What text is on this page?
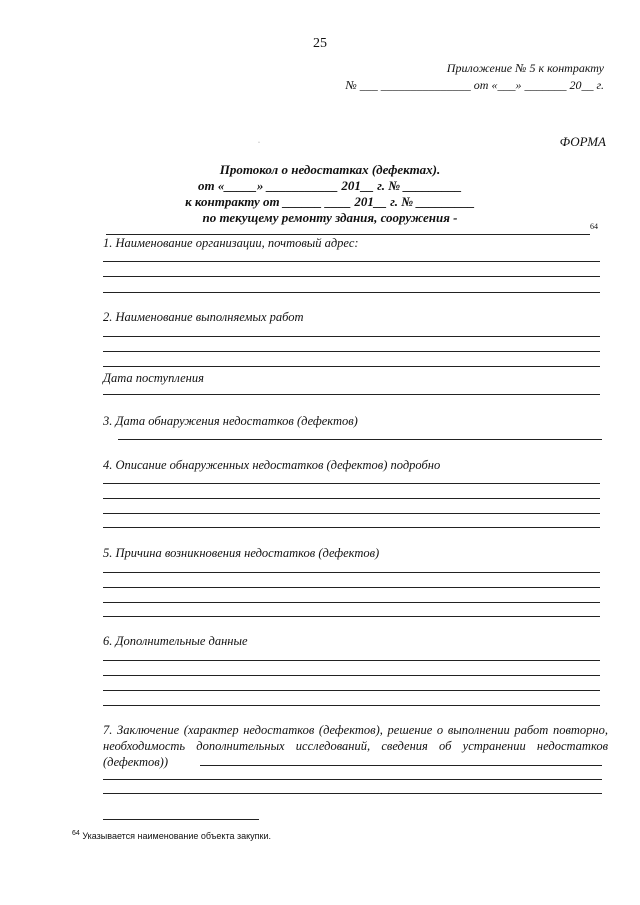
25
Приложение № 5 к контракту
№ ___ _______________ от «___» _______ 20__ г.
·	ФОРМА
Протокол о недостатках (дефектах).
от «_____» ___________ 201__ г. № _________
к контракту от ______ ____ 201__ г. № _________
по текущему ремонту здания, сооружения -
64
1. Наименование организации, почтовый адрес:
2. Наименование выполняемых работ
Дата поступления
3. Дата обнаружения недостатков (дефектов)
4. Описание обнаруженных недостатков (дефектов) подробно
5. Причина возникновения недостатков (дефектов)
6. Дополнительные данные
7. Заключение (характер недостатков (дефектов), решение о выполнении работ повторно, необходимость дополнительных исследований, сведения об устранении недостатков (дефектов))
$^{64}$ Указывается наименование объекта закупки.
